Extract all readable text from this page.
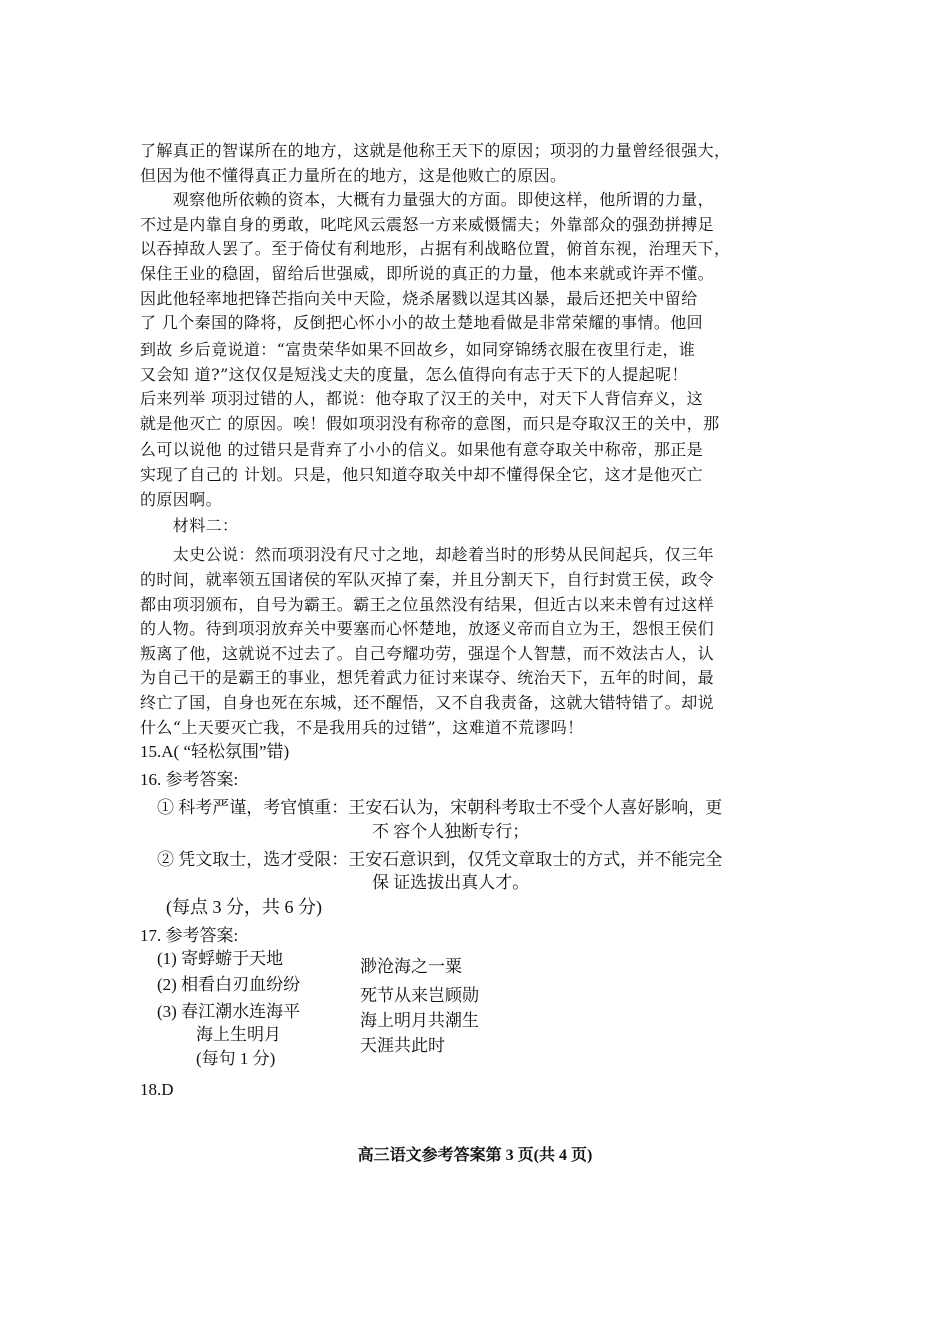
了解真正的智谋所在的地方，这就是他称王天下的原因；项羽的力量曾经很强大，
但因为他不懂得真正力量所在的地方，这是他败亡的原因。
　　观察他所依赖的资本，大概有力量强大的方面。即使这样，他所谓的力量，
不过是内靠自身的勇敢，叱咤风云震怒一方来威慑懦夫；外靠部众的强劲拼搏足
以吞掉敌人罢了。至于倚仗有利地形，占据有利战略位置，俯首东视，治理天下，
保住王业的稳固，留给后世强威，即所说的真正的力量，他本来就或许弄不懂。
因此他轻率地把锋芒指向关中天险，烧杀屠戮以逞其凶暴，最后还把关中留给
了 几个秦国的降将，反倒把心怀小小的故土楚地看做是非常荣耀的事情。他回
到故 乡后竟说道：“富贵荣华如果不回故乡，如同穿锦绣衣服在夜里行走，谁
又会知 道?”这仅仅是短浅丈夫的度量，怎么值得向有志于天下的人提起呢！
后来列举 项羽过错的人，都说：他夺取了汉王的关中，对天下人背信弃义，这
就是他灭亡 的原因。唉！假如项羽没有称帝的意图，而只是夺取汉王的关中，那
么可以说他 的过错只是背弃了小小的信义。如果他有意夺取关中称帝，那正是
实现了自己的 计划。只是，他只知道夺取关中却不懂得保全它，这才是他灭亡
的原因啊。
　　材料二：
　　太史公说：然而项羽没有尺寸之地，却趁着当时的形势从民间起兵，仅三年
的时间，就率领五国诸侯的军队灭掉了秦，并且分割天下，自行封赏王侯，政令
都由项羽颁布，自号为霸王。霸王之位虽然没有结果，但近古以来未曾有过这样
的人物。待到项羽放弃关中要塞而心怀楚地，放逐义帝而自立为王，怨恨王侯们
叛离了他，这就说不过去了。自己夸耀功劳，强逞个人智慧，而不效法古人，认
为自己干的是霸王的事业，想凭着武力征讨来谋夺、统治天下，五年的时间，最
终亡了国，自身也死在东城，还不醒悟，又不自我责备，这就大错特错了。却说
什么“上天要灭亡我，不是我用兵的过错”，这难道不荒谬吗！
15.A( “轻松氛围”错)
16. 参考答案:
① 科考严谨，考官慎重：王安石认为，宋朝科考取士不受个人喜好影响，更
不 容个人独断专行；
② 凭文取士，选才受限：王安石意识到，仅凭文章取士的方式，并不能完全
保 证选拔出真人才。
(每点 3 分，共 6 分)
17. 参考答案:
(1) 寄蜉蝣于天地
(2) 相看白刃血纷纷
(3) 春江潮水连海平
海上生明月
(每句 1 分)
渺沧海之一粟
死节从来岂顾勋
海上明月共潮生
天涯共此时
18.D
高三语文参考答案第 3 页(共 4 页)
